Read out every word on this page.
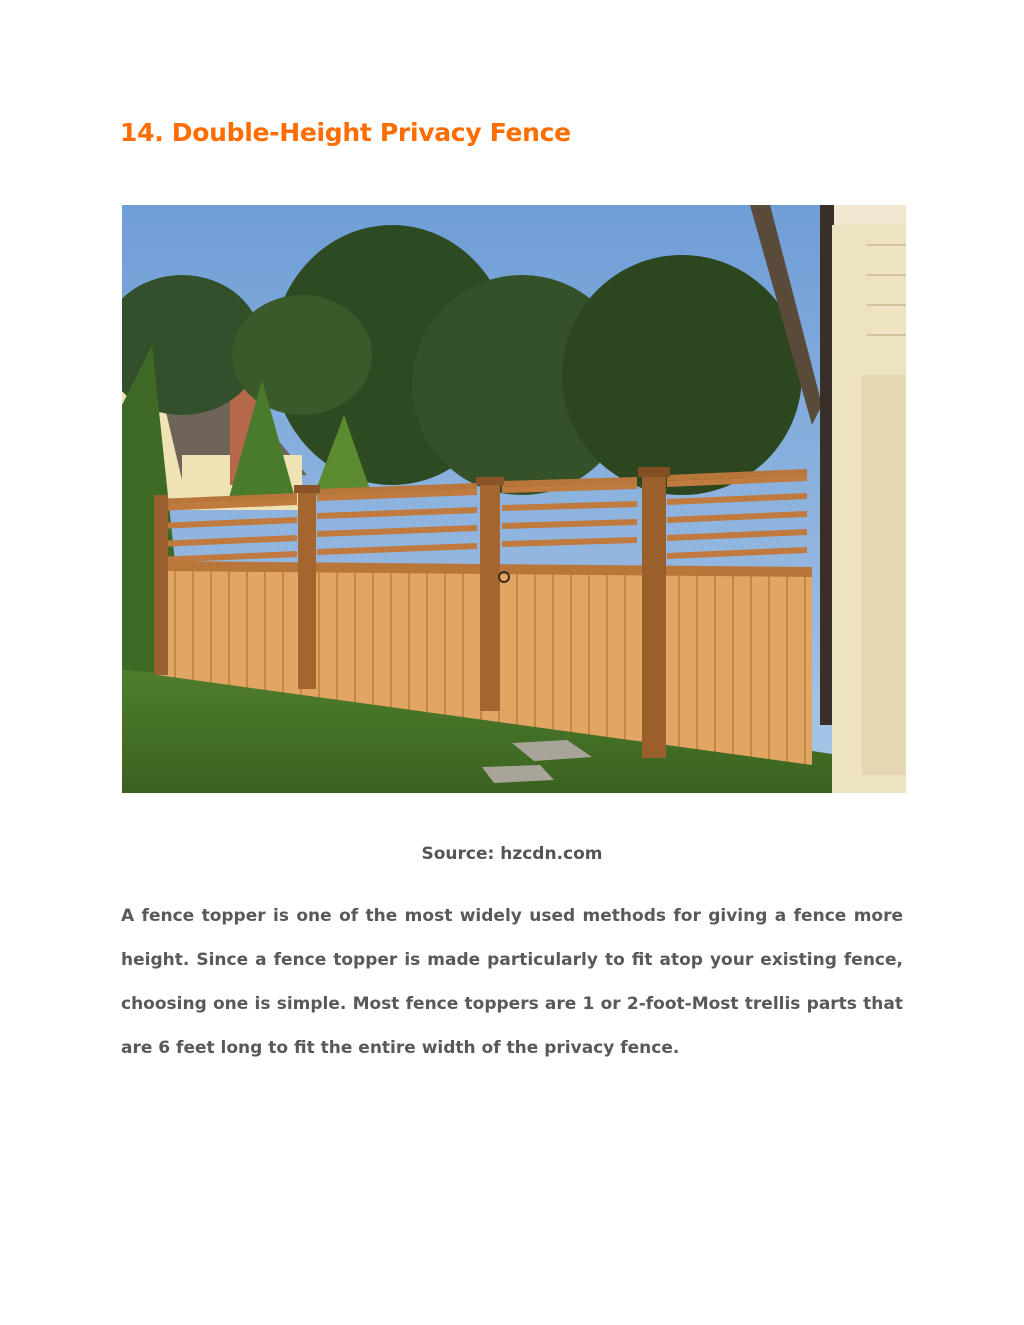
14. Double-Height Privacy Fence
Source: hzcdn.com

A fence topper is one of the most widely used methods for giving a fence more height. Since a fence topper is made particularly to fit atop your existing fence, choosing one is simple. Most fence toppers are 1 or 2-foot-Most trellis parts that are 6 feet long to fit the entire width of the privacy fence.
